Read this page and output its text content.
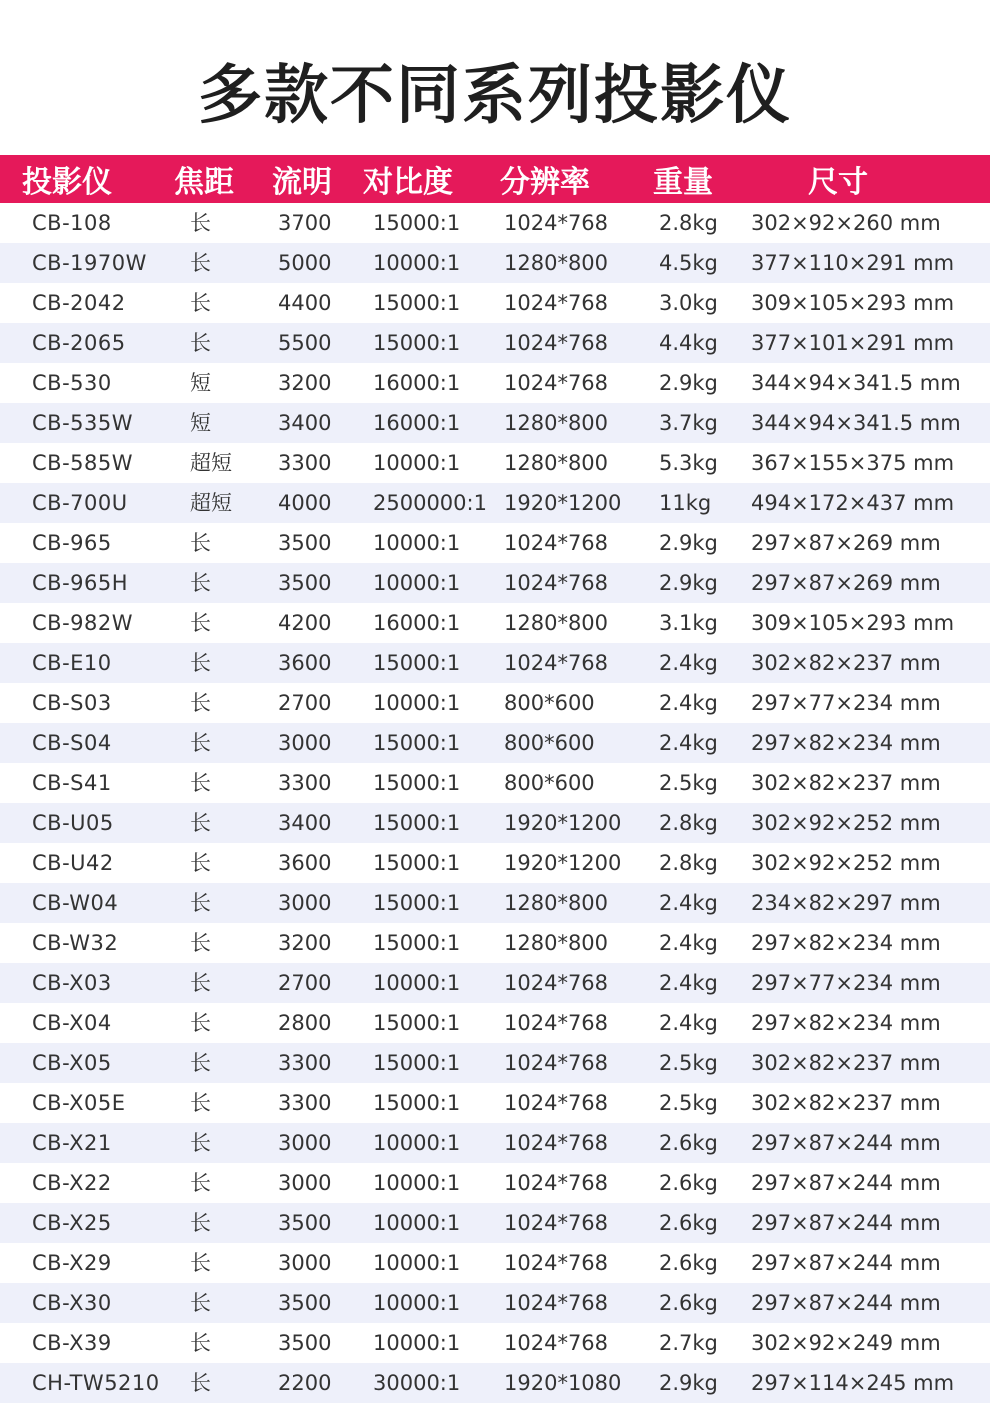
多款不同系列投影仪
投影仪 焦距 流明 对比度 分辨率 重量	尺寸
CB-108	长	3700 15000:1 1024*768 2.8kg 302×92×260 mm
CB-1970W 长	5000 10000:1 1280*800 4.5kg 377×110×291 mm
CB-2042	长	4400 15000:1 1024*768 3.0kg 309×105×293 mm
CB-2065	长	5500 15000:1 1024*768 4.4kg 377×101×291 mm
CB-530	短	3200 16000:1 1024*768 2.9kg 344×94×341.5 mm
CB-535W	短	3400 16000:1 1280*800 3.7kg 344×94×341.5 mm
CB-585W	超短 3300 10000:1 1280*800 5.3kg 367×155×375 mm
CB-700U	超短 4000 2500000:1 1920*1200 11kg 494×172×437 mm
CB-965	长	3500 10000:1 1024*768 2.9kg 297×87×269 mm
CB-965H	长	3500 10000:1 1024*768 2.9kg 297×87×269 mm
CB-982W	长	4200 16000:1 1280*800 3.1kg 309×105×293 mm
CB-E10	长	3600 15000:1 1024*768 2.4kg 302×82×237 mm
CB-S03	长	2700 10000:1 800*600	2.4kg 297×77×234 mm
CB-S04	长	3000 15000:1 800*600	2.4kg 297×82×234 mm
CB-S41	长	3300 15000:1 800*600	2.5kg 302×82×237 mm
CB-U05	长	3400 15000:1 1920*1200 2.8kg 302×92×252 mm
CB-U42	长	3600 15000:1 1920*1200 2.8kg 302×92×252 mm
CB-W04	长	3000 15000:1 1280*800 2.4kg 234×82×297 mm
CB-W32	长	3200 15000:1 1280*800 2.4kg 297×82×234 mm
CB-X03	长	2700 10000:1 1024*768 2.4kg 297×77×234 mm
CB-X04	长	2800 15000:1 1024*768 2.4kg 297×82×234 mm
CB-X05	长	3300 15000:1 1024*768 2.5kg 302×82×237 mm
CB-X05E	长	3300 15000:1 1024*768 2.5kg 302×82×237 mm
CB-X21	长	3000 10000:1 1024*768 2.6kg 297×87×244 mm
CB-X22	长	3000 10000:1 1024*768 2.6kg 297×87×244 mm
CB-X25	长	3500 10000:1 1024*768 2.6kg 297×87×244 mm
CB-X29	长	3000 10000:1 1024*768 2.6kg 297×87×244 mm
CB-X30	长	3500 10000:1 1024*768 2.6kg 297×87×244 mm
CB-X39	长	3500 10000:1 1024*768 2.7kg 302×92×249 mm
CH-TW5210 长	2200 30000:1 1920*1080 2.9kg 297×114×245 mm
